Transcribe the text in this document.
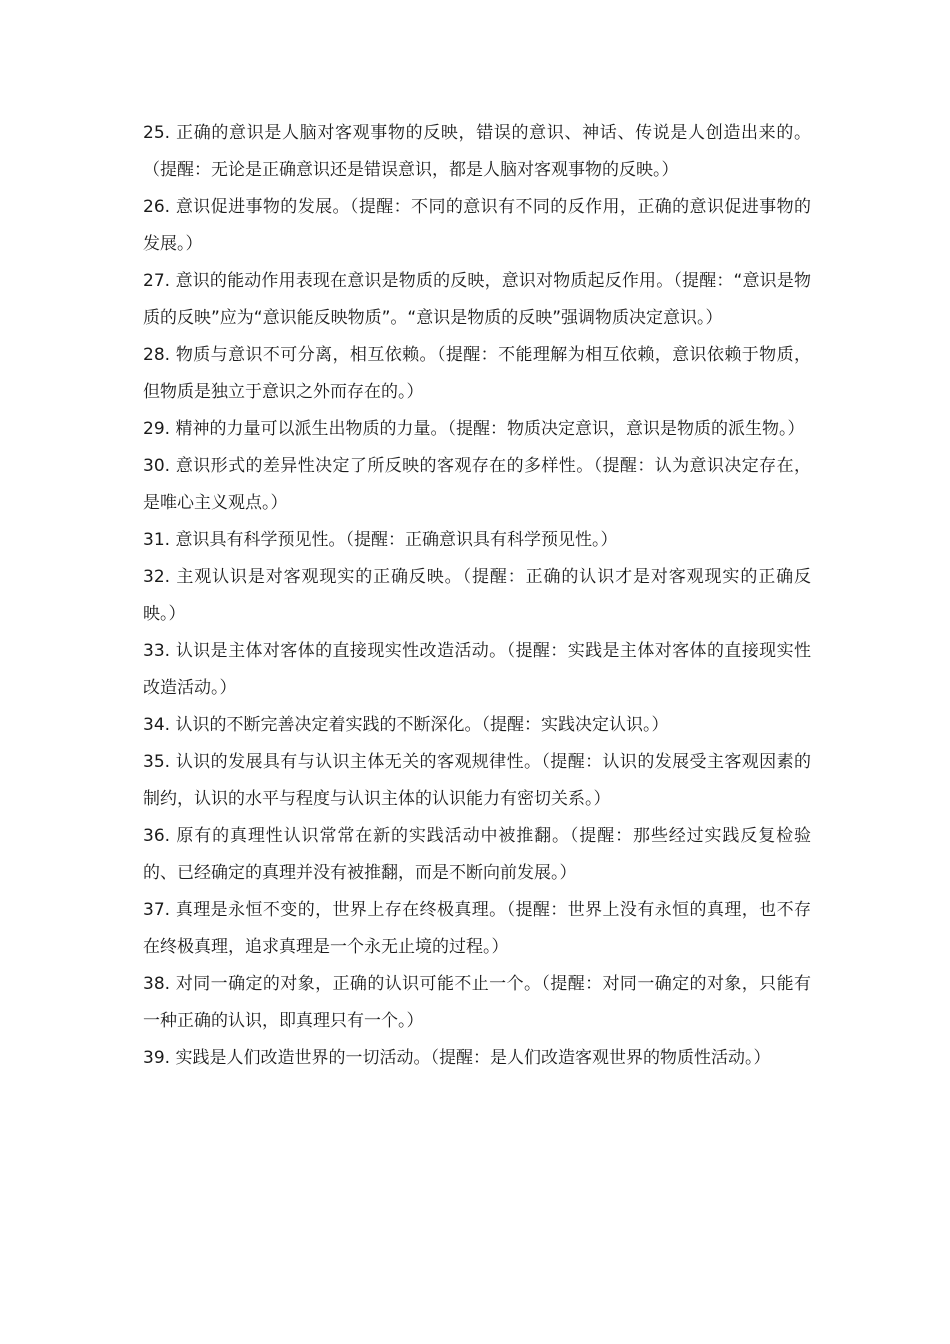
25. 正确的意识是人脑对客观事物的反映，错误的意识、神话、传说是人创造出来的。（提醒：无论是正确意识还是错误意识，都是人脑对客观事物的反映。）

26. 意识促进事物的发展。（提醒：不同的意识有不同的反作用，正确的意识促进事物的发展。）

27. 意识的能动作用表现在意识是物质的反映，意识对物质起反作用。（提醒：“意识是物质的反映”应为“意识能反映物质”。“意识是物质的反映”强调物质决定意识。）

28. 物质与意识不可分离，相互依赖。（提醒：不能理解为相互依赖，意识依赖于物质，但物质是独立于意识之外而存在的。）

29. 精神的力量可以派生出物质的力量。（提醒：物质决定意识，意识是物质的派生物。）

30. 意识形式的差异性决定了所反映的客观存在的多样性。（提醒：认为意识决定存在，是唯心主义观点。）

31. 意识具有科学预见性。（提醒：正确意识具有科学预见性。）

32. 主观认识是对客观现实的正确反映。（提醒：正确的认识才是对客观现实的正确反映。）

33. 认识是主体对客体的直接现实性改造活动。（提醒：实践是主体对客体的直接现实性改造活动。）

34. 认识的不断完善决定着实践的不断深化。（提醒：实践决定认识。）

35. 认识的发展具有与认识主体无关的客观规律性。（提醒：认识的发展受主客观因素的制约，认识的水平与程度与认识主体的认识能力有密切关系。）

36. 原有的真理性认识常常在新的实践活动中被推翻。（提醒：那些经过实践反复检验的、已经确定的真理并没有被推翻，而是不断向前发展。）

37. 真理是永恒不变的，世界上存在终极真理。（提醒：世界上没有永恒的真理，也不存在终极真理，追求真理是一个永无止境的过程。）

38. 对同一确定的对象，正确的认识可能不止一个。（提醒：对同一确定的对象，只能有一种正确的认识，即真理只有一个。）

39. 实践是人们改造世界的一切活动。（提醒：是人们改造客观世界的物质性活动。）
